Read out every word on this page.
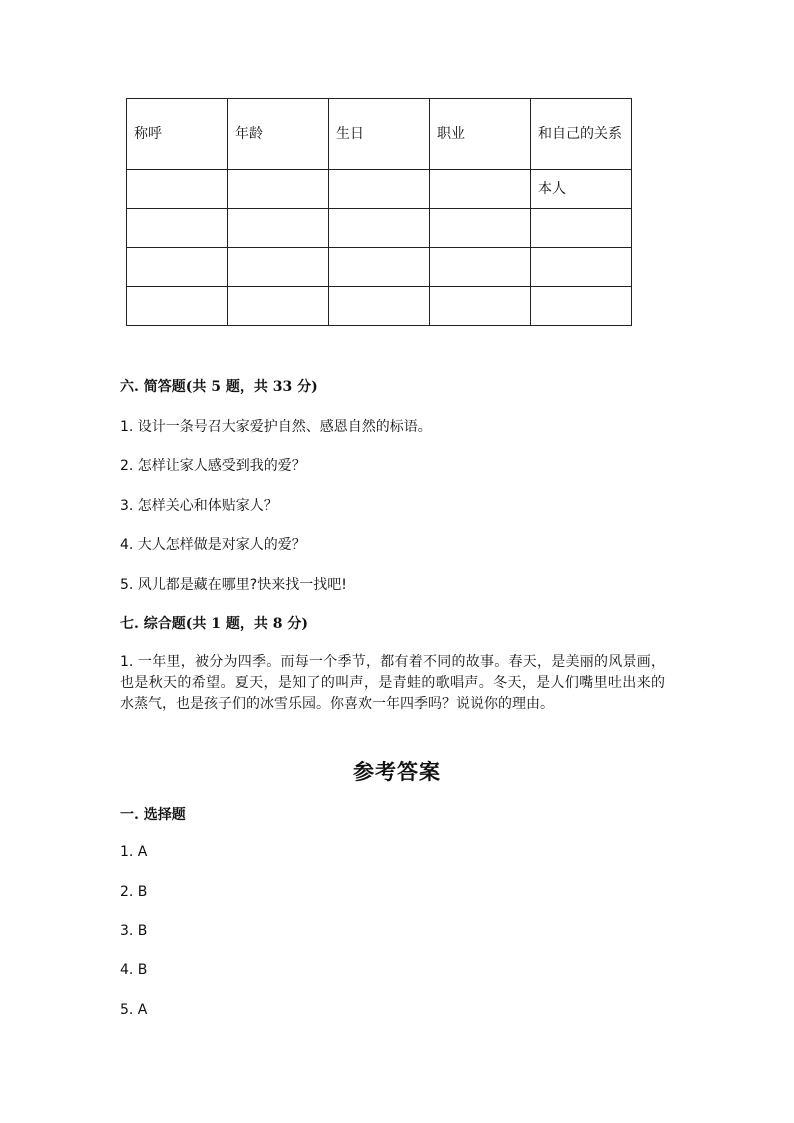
称呼	年龄	生日	职业	和自己的关系
				本人

六. 简答题(共 5 题，共 33 分)
1. 设计一条号召大家爱护自然、感恩自然的标语。
2. 怎样让家人感受到我的爱？
3. 怎样关心和体贴家人？
4. 大人怎样做是对家人的爱？
5. 风儿都是藏在哪里?快来找一找吧!
七. 综合题(共 1 题，共 8 分)
1. 一年里，被分为四季。而每一个季节，都有着不同的故事。春天，是美丽的风景画，也是秋天的希望。夏天，是知了的叫声，是青蛙的歌唱声。冬天，是人们嘴里吐出来的水蒸气，也是孩子们的冰雪乐园。你喜欢一年四季吗？说说你的理由。
参考答案
一. 选择题
1. A
2. B
3. B
4. B
5. A
